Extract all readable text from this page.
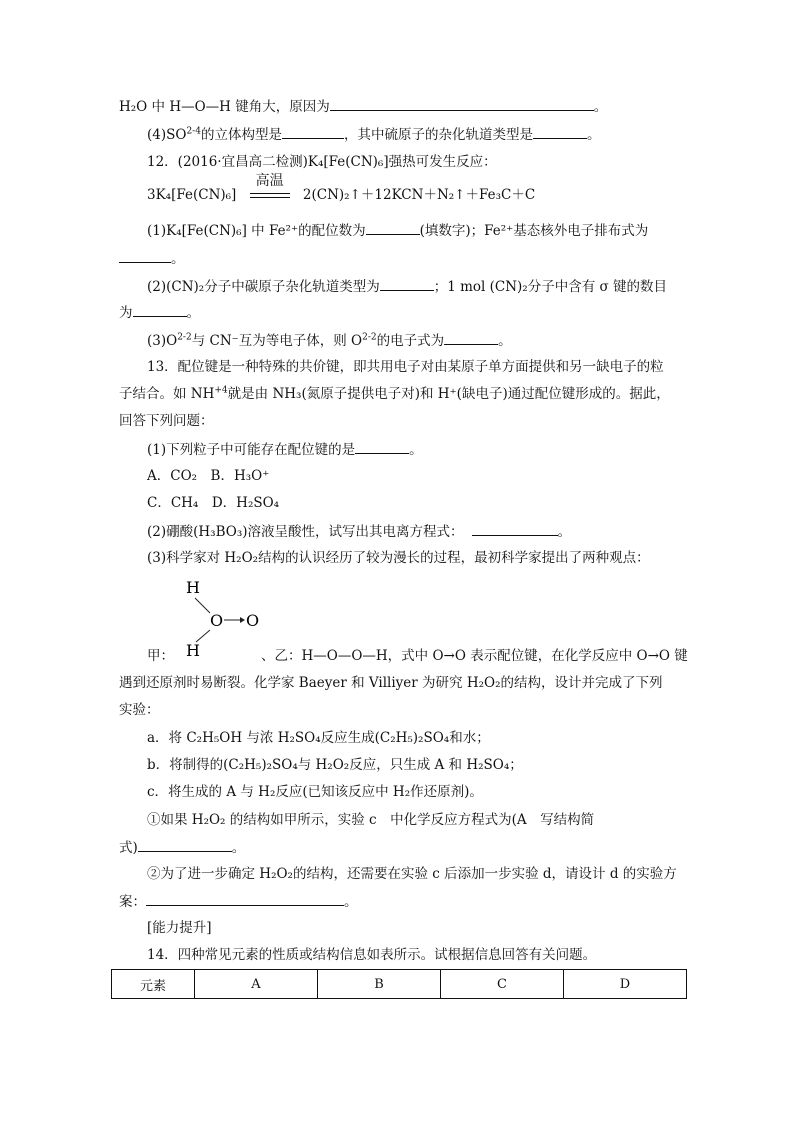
H₂O 中 H—O—H 键角大，原因为	。
(4)SO$^{2-4}$的立体构型是	，其中硫原子的杂化轨道类型是	。
12．(2016·宜昌高二检测)K₄[Fe(CN)₆]强热可发生反应：
3K₄[Fe(CN)₆]
高温
2(CN)₂↑＋12KCN＋N₂↑＋Fe₃C＋C
(1)K₄[Fe(CN)₆] 中 Fe²⁺的配位数为	(填数字)；Fe²⁺基态核外电子排布式为
。
(2)(CN)₂分子中碳原子杂化轨道类型为	；1 mol (CN)₂分子中含有 σ 键的数目
为	。
$(3)O^{2-2}$与 CN⁻互为等电子体，则 $O^{2-2}$的电子式为	。
13．配位键是一种特殊的共价键，即共用电子对由某原子单方面提供和另一缺电子的粒
子结合。如 $NH^{+4}$就是由 NH₃(氮原子提供电子对)和 H⁺(缺电子)通过配位键形成的。据此，
回答下列问题：
(1)下列粒子中可能存在配位键的是	。
A．CO₂　B．H₃O⁺
C．CH₄　D．H₂SO₄
(2)硼酸(H₃BO₃)溶液呈酸性，试写出其电离方程式：	。
(3)科学家对 H₂O₂结构的认识经历了较为漫长的过程，最初科学家提出了两种观点：
H
O O
H
甲：	、乙：H—O—O—H，式中 O→O 表示配位键，在化学反应中 O→O 键
遇到还原剂时易断裂。化学家 Baeyer 和 Villiyer 为研究 H₂O₂的结构，设计并完成了下列
实验：
a．将 C₂H₅OH 与浓 H₂SO₄反应生成(C₂H₅)₂SO₄和水；
b．将制得的(C₂H₅)₂SO₄与 H₂O₂反应，只生成 A 和 H₂SO₄；
c．将生成的 A 与 H₂反应(已知该反应中 H₂作还原剂)。
①如果 H₂O₂ 的结构如甲所示，实验 c　中化学反应方程式为(A　写结构简
式)	。
②为了进一步确定 H₂O₂的结构，还需要在实验 c 后添加一步实验 d，请设计 d 的实验方
案：	。
[能力提升]
14．四种常见元素的性质或结构信息如表所示。试根据信息回答有关问题。
元素	A	B	C	D
